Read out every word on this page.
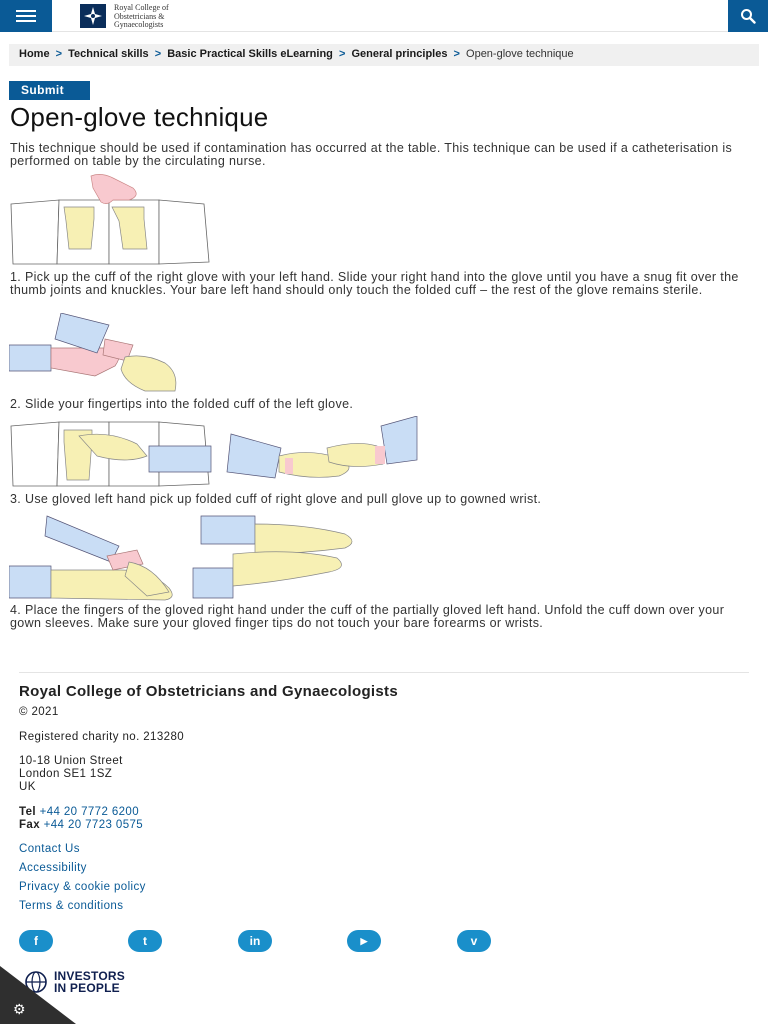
Royal College of
Obstetricians &
Gynaecologists
Home > Technical skills > Basic Practical Skills eLearning > General principles > Open-glove technique
Submit
Open-glove technique

This technique should be used if contamination has occurred at the table. This technique can be used if a catheterisation is performed on table by the circulating nurse.

1. Pick up the cuff of the right glove with your left hand. Slide your right hand into the glove until you have a snug fit over the thumb joints and knuckles. Your bare left hand should only touch the folded cuff – the rest of the glove remains sterile.

2. Slide your fingertips into the folded cuff of the left glove.

3. Use gloved left hand pick up folded cuff of right glove and pull glove up to gowned wrist.

4. Place the fingers of the gloved right hand under the cuff of the partially gloved left hand. Unfold the cuff down over your gown sleeves. Make sure your gloved finger tips do not touch your bare forearms or wrists.

Royal College of Obstetricians and Gynaecologists
© 2021
Registered charity no. 213280
10-18 Union Street
London SE1 1SZ
UK
Tel +44 20 7772 6200
Fax +44 20 7723 0575
Contact Us
Accessibility
Privacy & cookie policy
Terms & conditions
f	t	in	▶	v
INVESTORS
IN PEOPLE
⚙
